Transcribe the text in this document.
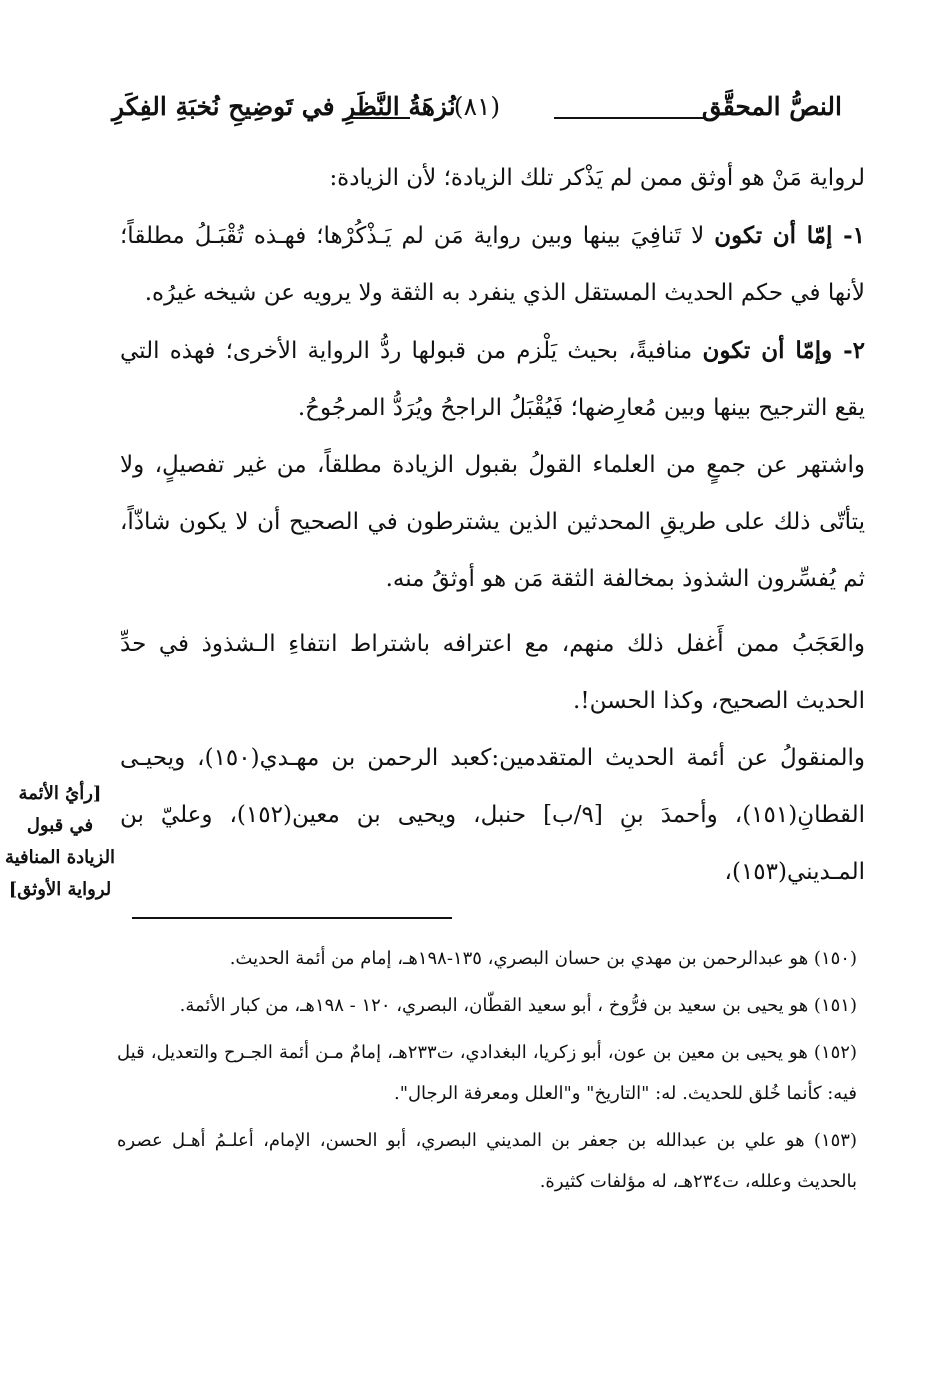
النصُّ المحقَّق
(٨١)
نُزهَةُ النَّظَرِ في تَوضِيحِ نُخبَةِ الفِكَرِ

لرواية مَنْ هو أوثق ممن لم يَذْكر تلك الزيادة؛ لأن الزيادة:

١- إمّا أن تكون لا تَنافِيَ بينها وبين رواية مَن لم يَـذْكُرْها؛ فهـذه تُقْبَـلُ مطلقاً؛ لأنها في حكم الحديث المستقل الذي ينفرد به الثقة ولا يرويه عن شيخه غيرُه.

٢- وإمّا أن تكون منافيةً، بحيث يَلْزم من قبولها ردُّ الرواية الأخرى؛ فهذه التي يقع الترجيح بينها وبين مُعارِضها؛ فَيُقْبَلُ الراجحُ ويُرَدُّ المرجُوحُ.

واشتهر عن جمعٍ من العلماء القولُ بقبول الزيادة مطلقاً، من غير تفصيلٍ، ولا يتأتّى ذلك على طريقِ المحدثين الذين يشترطون في الصحيح أن لا يكون شاذّاً، ثم يُفسِّرون الشذوذ بمخالفة الثقة مَن هو أوثقُ منه.

والعَجَبُ ممن أَغفل ذلك منهم، مع اعترافه باشتراط انتفاءِ الـشذوذ في حدِّ الحديث الصحيح، وكذا الحسن!.

والمنقولُ عن أئمة الحديث المتقدمين:كعبد الرحمن بن مهـدي(١٥٠)، ويحيـى القطانِ(١٥١)، وأحمدَ بنِ [٩/ب] حنبل، ويحيى بن معين(١٥٢)، وعليّ بن المـديني(١٥٣)،

[رأيُ الأئمة في قبول الزيادة المنافية لرواية الأوثق]

(١٥٠) هو عبدالرحمن بن مهدي بن حسان البصري، ١٣٥-١٩٨هـ، إمام من أئمة الحديث.

(١٥١) هو يحيى بن سعيد بن فرُّوخ ، أبو سعيد القطّان، البصري، ١٢٠ - ١٩٨هـ، من كبار الأئمة.

(١٥٢) هو يحيى بن معين بن عون، أبو زكريا، البغدادي، ت٢٣٣هـ، إمامٌ مـن أئمة الجـرح والتعديل، قيل فيه: كأنما خُلق للحديث. له: "التاريخ" و"العلل ومعرفة الرجال".

(١٥٣) هو علي بن عبدالله بن جعفر بن المديني البصري، أبو الحسن، الإمام، أعلـمُ أهـل عصره بالحديث وعلله، ت٢٣٤هـ، له مؤلفات كثيرة.
